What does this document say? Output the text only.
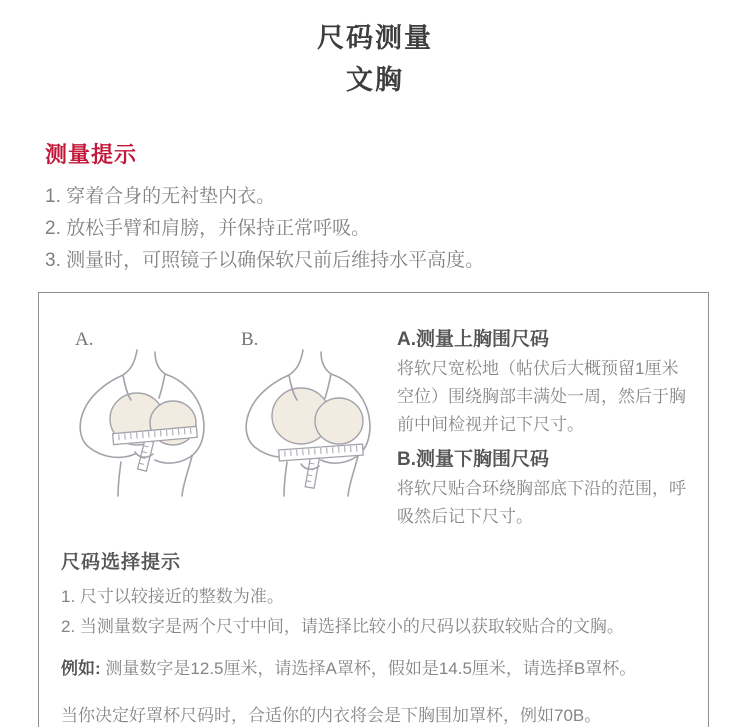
尺码测量
文胸
测量提示
1. 穿着合身的无衬垫内衣。
2. 放松手臂和肩膀，并保持正常呼吸。
3. 测量时，可照镜子以确保软尺前后维持水平高度。
A.	B.	A.测量上胸围尺码

将软尺宽松地（帖伏后大概预留1厘米空位）围绕胸部丰满处一周，然后于胸前中间检视并记下尺寸。

B.测量下胸围尺码

将软尺贴合环绕胸部底下沿的范围，呼吸然后记下尺寸。

尺码选择提示
1. 尺寸以较接近的整数为准。
2. 当测量数字是两个尺寸中间，请选择比较小的尺码以获取较贴合的文胸。
例如: 测量数字是12.5厘米，请选择A罩杯，假如是14.5厘米，请选择B罩杯。
当你决定好罩杯尺码时，合适你的内衣将会是下胸围加罩杯，例如70B。
